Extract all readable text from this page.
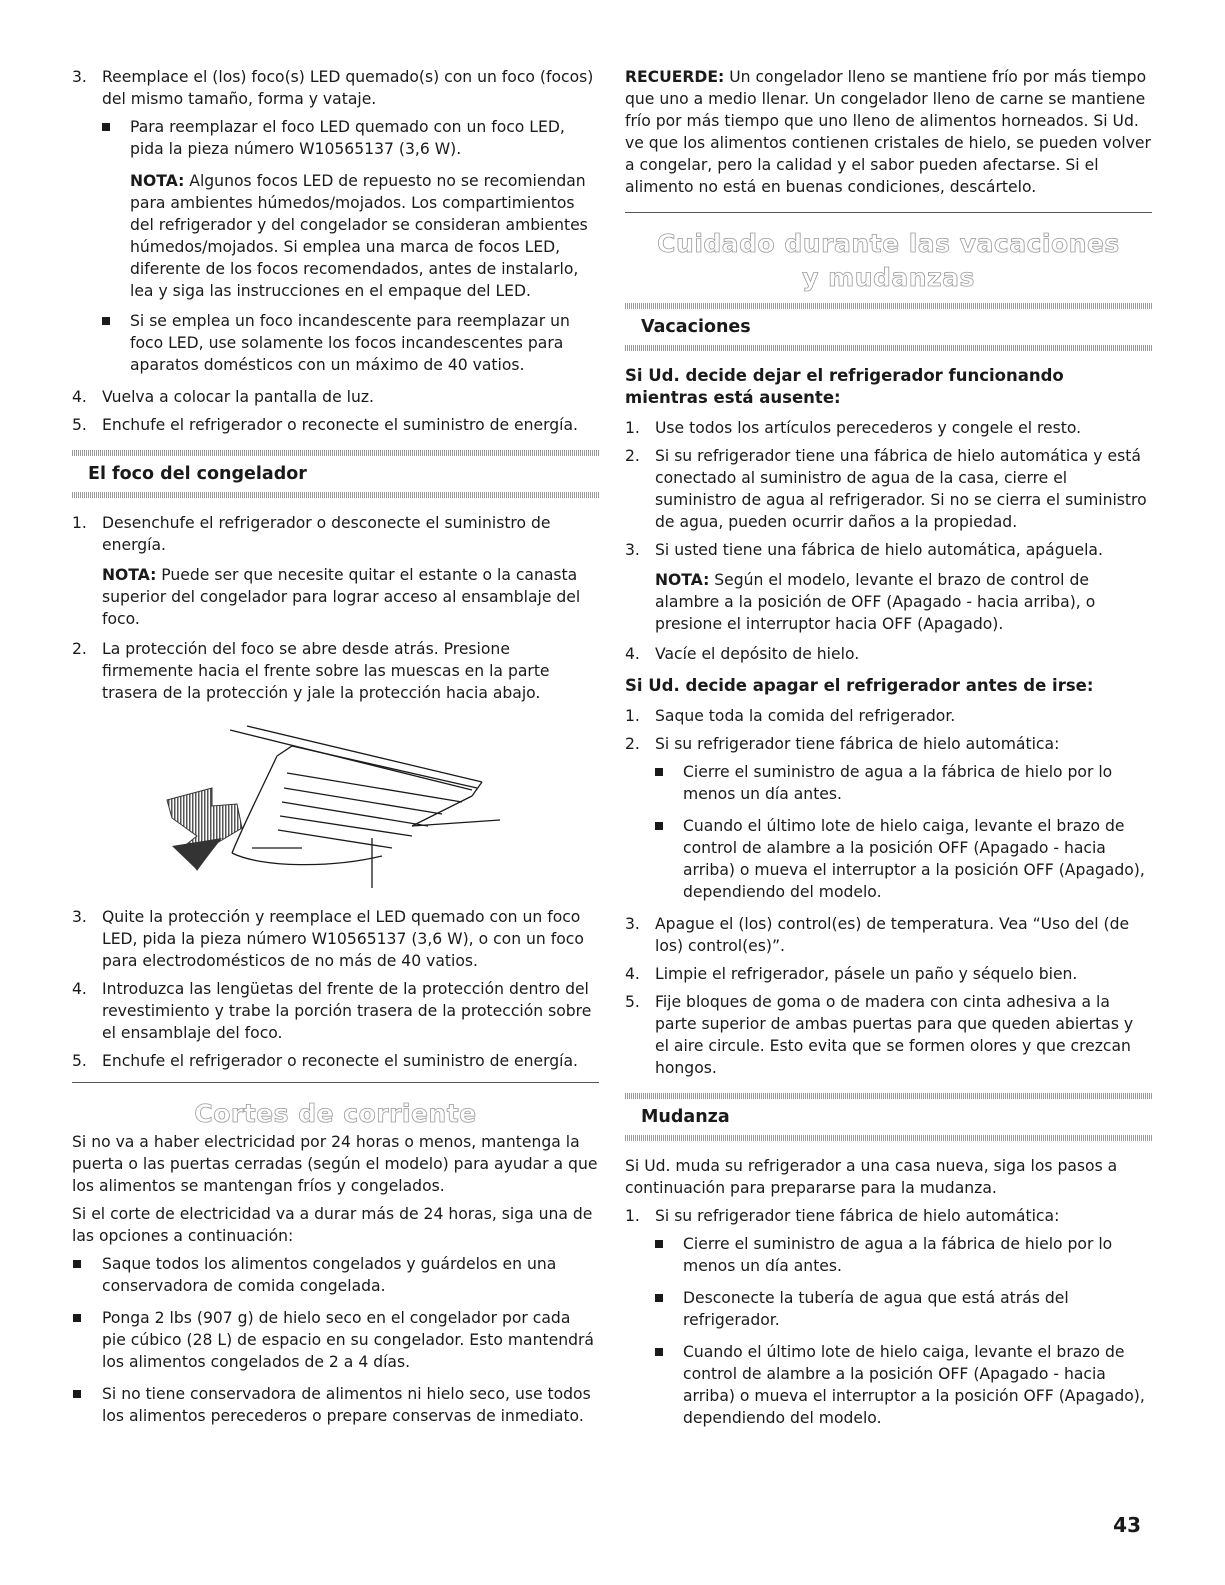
3. Reemplace el (los) foco(s) LED quemado(s) con un foco (focos) del mismo tamaño, forma y vataje.
Para reemplazar el foco LED quemado con un foco LED, pida la pieza número W10565137 (3,6 W).
NOTA: Algunos focos LED de repuesto no se recomiendan para ambientes húmedos/mojados. Los compartimientos del refrigerador y del congelador se consideran ambientes húmedos/mojados. Si emplea una marca de focos LED, diferente de los focos recomendados, antes de instalarlo, lea y siga las instrucciones en el empaque del LED.
Si se emplea un foco incandescente para reemplazar un foco LED, use solamente los focos incandescentes para aparatos domésticos con un máximo de 40 vatios.
4. Vuelva a colocar la pantalla de luz.
5. Enchufe el refrigerador o reconecte el suministro de energía.
El foco del congelador
1. Desenchufe el refrigerador o desconecte el suministro de energía.
NOTA: Puede ser que necesite quitar el estante o la canasta superior del congelador para lograr acceso al ensamblaje del foco.
2. La protección del foco se abre desde atrás. Presione firmemente hacia el frente sobre las muescas en la parte trasera de la protección y jale la protección hacia abajo.
3. Quite la protección y reemplace el LED quemado con un foco LED, pida la pieza número W10565137 (3,6 W), o con un foco para electrodomésticos de no más de 40 vatios.
4. Introduzca las lengüetas del frente de la protección dentro del revestimiento y trabe la porción trasera de la protección sobre el ensamblaje del foco.
5. Enchufe el refrigerador o reconecte el suministro de energía.
Cortes de corriente

Si no va a haber electricidad por 24 horas o menos, mantenga la puerta o las puertas cerradas (según el modelo) para ayudar a que los alimentos se mantengan fríos y congelados.

Si el corte de electricidad va a durar más de 24 horas, siga una de las opciones a continuación:

Saque todos los alimentos congelados y guárdelos en una conservadora de comida congelada.
Ponga 2 lbs (907 g) de hielo seco en el congelador por cada pie cúbico (28 L) de espacio en su congelador. Esto mantendrá los alimentos congelados de 2 a 4 días.
Si no tiene conservadora de alimentos ni hielo seco, use todos los alimentos perecederos o prepare conservas de inmediato.

RECUERDE: Un congelador lleno se mantiene frío por más tiempo que uno a medio llenar. Un congelador lleno de carne se mantiene frío por más tiempo que uno lleno de alimentos horneados. Si Ud. ve que los alimentos contienen cristales de hielo, se pueden volver a congelar, pero la calidad y el sabor pueden afectarse. Si el alimento no está en buenas condiciones, descártelo.

Cuidado durante las vacaciones
y mudanzas
Vacaciones
Si Ud. decide dejar el refrigerador funcionando mientras está ausente:
1. Use todos los artículos perecederos y congele el resto.
2. Si su refrigerador tiene una fábrica de hielo automática y está conectado al suministro de agua de la casa, cierre el suministro de agua al refrigerador. Si no se cierra el suministro de agua, pueden ocurrir daños a la propiedad.
3. Si usted tiene una fábrica de hielo automática, apáguela.
NOTA: Según el modelo, levante el brazo de control de alambre a la posición de OFF (Apagado - hacia arriba), o presione el interruptor hacia OFF (Apagado).
4. Vacíe el depósito de hielo.
Si Ud. decide apagar el refrigerador antes de irse:
1. Saque toda la comida del refrigerador.
2. Si su refrigerador tiene fábrica de hielo automática:
Cierre el suministro de agua a la fábrica de hielo por lo menos un día antes.
Cuando el último lote de hielo caiga, levante el brazo de control de alambre a la posición OFF (Apagado - hacia arriba) o mueva el interruptor a la posición OFF (Apagado), dependiendo del modelo.
3. Apague el (los) control(es) de temperatura. Vea “Uso del (de los) control(es)”.
4. Limpie el refrigerador, pásele un paño y séquelo bien.
5. Fije bloques de goma o de madera con cinta adhesiva a la parte superior de ambas puertas para que queden abiertas y el aire circule. Esto evita que se formen olores y que crezcan hongos.
Mudanza

Si Ud. muda su refrigerador a una casa nueva, siga los pasos a continuación para prepararse para la mudanza.

1. Si su refrigerador tiene fábrica de hielo automática:
Cierre el suministro de agua a la fábrica de hielo por lo menos un día antes.
Desconecte la tubería de agua que está atrás del refrigerador.
Cuando el último lote de hielo caiga, levante el brazo de control de alambre a la posición OFF (Apagado - hacia arriba) o mueva el interruptor a la posición OFF (Apagado), dependiendo del modelo.
43
